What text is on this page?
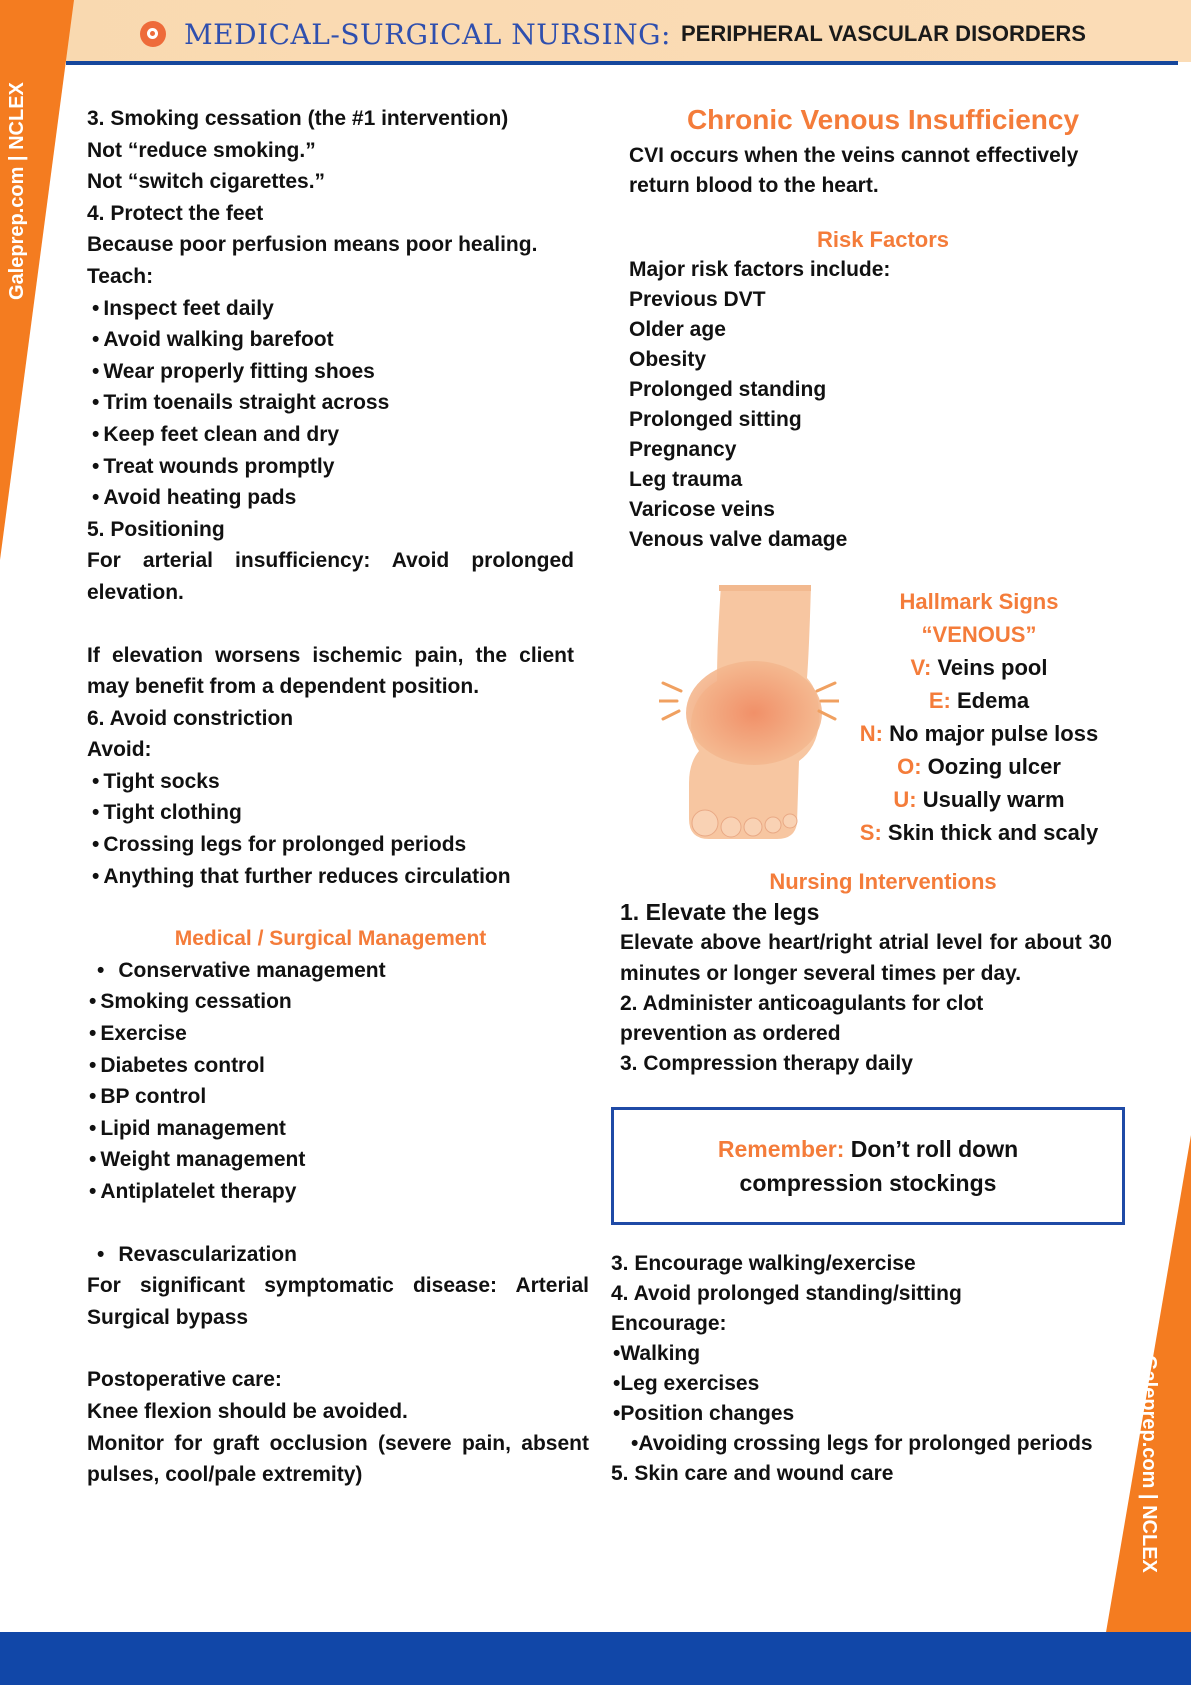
MEDICAL-SURGICAL NURSING: PERIPHERAL VASCULAR DISORDERS
Galeprep.com | NCLEX
3. Smoking cessation (the #1 intervention)
Not “reduce smoking.”
Not “switch cigarettes.”
4. Protect the feet
Because poor perfusion means poor healing.
Teach:
• Inspect feet daily
• Avoid walking barefoot
• Wear properly fitting shoes
• Trim toenails straight across
• Keep feet clean and dry
• Treat wounds promptly
• Avoid heating pads
5. Positioning
For arterial insufficiency: Avoid prolonged elevation.
If elevation worsens ischemic pain, the client may benefit from a dependent position.
6. Avoid constriction
Avoid:
• Tight socks
• Tight clothing
• Crossing legs for prolonged periods
• Anything that further reduces circulation
Medical / Surgical Management
• Conservative management
• Smoking cessation
• Exercise
• Diabetes control
• BP control
• Lipid management
• Weight management
• Antiplatelet therapy
• Revascularization
For significant symptomatic disease: Arterial Surgical bypass
Postoperative care:
Knee flexion should be avoided.
Monitor for graft occlusion (severe pain, absent pulses, cool/pale extremity)
Chronic Venous Insufficiency
CVI occurs when the veins cannot effectively return blood to the heart.
Risk Factors
Major risk factors include:
Previous DVT
Older age
Obesity
Prolonged standing
Prolonged sitting
Pregnancy
Leg trauma
Varicose veins
Venous valve damage
Hallmark Signs
“VENOUS”
V: Veins pool
E: Edema
N: No major pulse loss
O: Oozing ulcer
U: Usually warm
S: Skin thick and scaly
Nursing Interventions
1. Elevate the legs
Elevate above heart/right atrial level for about 30 minutes or longer several times per day.
2. Administer anticoagulants for clot
prevention as ordered
3. Compression therapy daily
Remember: Don’t roll down
compression stockings
3. Encourage walking/exercise
4. Avoid prolonged standing/sitting
Encourage:
•Walking
•Leg exercises
•Position changes
•Avoiding crossing legs for prolonged periods
5. Skin care and wound care
